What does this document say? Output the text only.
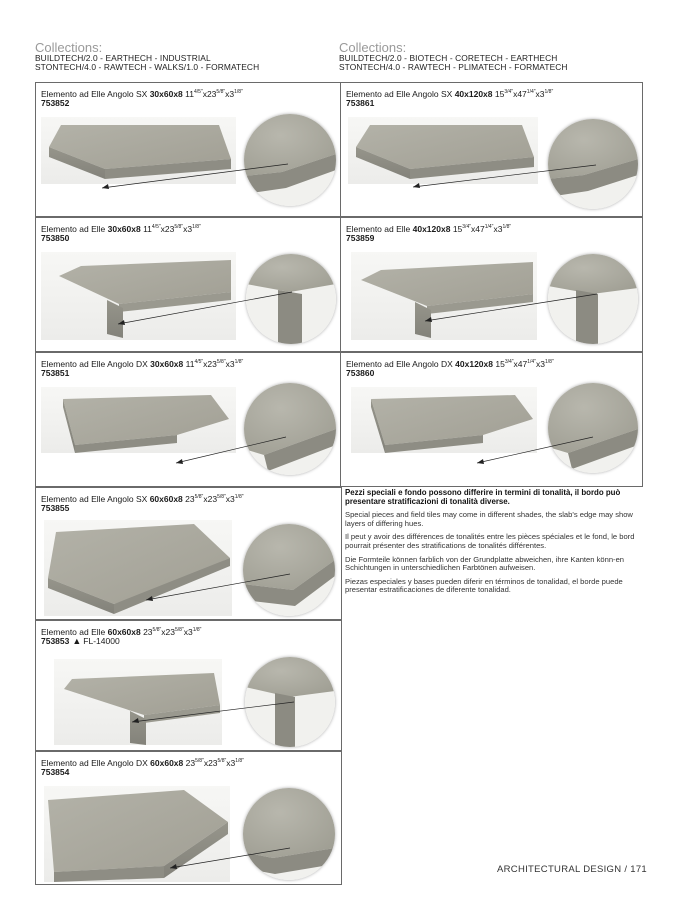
Collections:
BUILDTECH/2.0 - EARTHECH - INDUSTRIAL
STONTECH/4.0 - RAWTECH - WALKS/1.0 - FORMATECH
Collections:
BUILDTECH/2.0 - BIOTECH - CORETECH - EARTHECH
STONTECH/4.0 - RAWTECH - PLIMATECH - FORMATECH
Elemento ad Elle Angolo SX 30x60x8 $11^{4/5"}x23^{5/8"}x3^{1/8"}$
753852
Elemento ad Elle 30x60x8 $11^{4/5"}x23^{5/8"}x3^{1/8"}$
753850
Elemento ad Elle Angolo DX 30x60x8 $11^{4/5"}x23^{5/8"}x3^{1/8"}$
753851
Elemento ad Elle Angolo SX 60x60x8 $23^{5/8"}x23^{5/8"}x3^{1/8"}$
753855
Elemento ad Elle 60x60x8 $23^{5/8"}x23^{5/8"}x3^{1/8"}$
753853 ▲ FL-14000
Elemento ad Elle Angolo DX 60x60x8 $23^{5/8"}x23^{5/8"}x3^{1/8"}$
753854
Elemento ad Elle Angolo SX 40x120x8 $15^{3/4"}x47^{1/4"}x3^{1/8"}$
753861
Elemento ad Elle 40x120x8 $15^{3/4"}x47^{1/4"}x3^{1/8"}$
753859
Elemento ad Elle Angolo DX 40x120x8 $15^{3/4"}x47^{1/4"}x3^{1/8"}$
753860

Pezzi speciali e fondo possono differire in termini di tonalità, il bordo può presentare stratificazioni di tonalità diverse.

Special pieces and field tiles may come in different shades, the slab's edge may show layers of differing hues.

Il peut y avoir des différences de tonalités entre les pièces spéciales et le fond, le bord pourrait présenter des stratifications de tonalités différentes.

Die Formteile können farblich von der Grundplatte abweichen, ihre Kanten könn-en Schichtungen in unterschiedlichen Farbtönen aufweisen.

Piezas especiales y bases pueden diferir en términos de tonalidad, el borde puede presentar estratificaciones de diferente tonalidad.

ARCHITECTURAL DESIGN / 171
